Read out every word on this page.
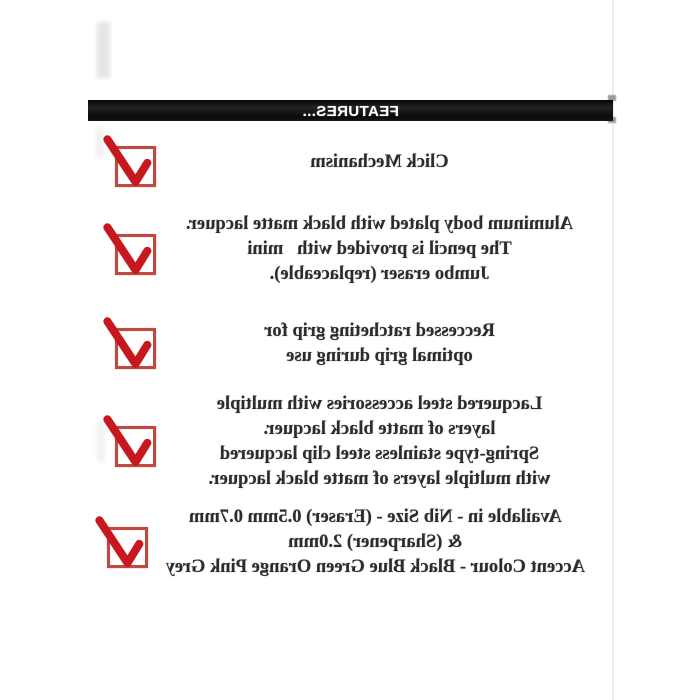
FEATURES...
Click Mechanism
Aluminum body plated with black matte lacquer.
The pencil is provided with   mini
Jumbo eraser (replaceable).
Reccessed ratcheting grip for
optimal grip during use
Lacquered steel accessories with multiple
layers of matte black lacquer.
Spring-type stainless steel clip lacquered
with multiple layers of matte black lacquer.
Available in - Nib Size - (Eraser) 0.5mm 0.7mm
& (Sharpener) 2.0mm
Accent Colour - Black Blue Green Orange Pink Grey
